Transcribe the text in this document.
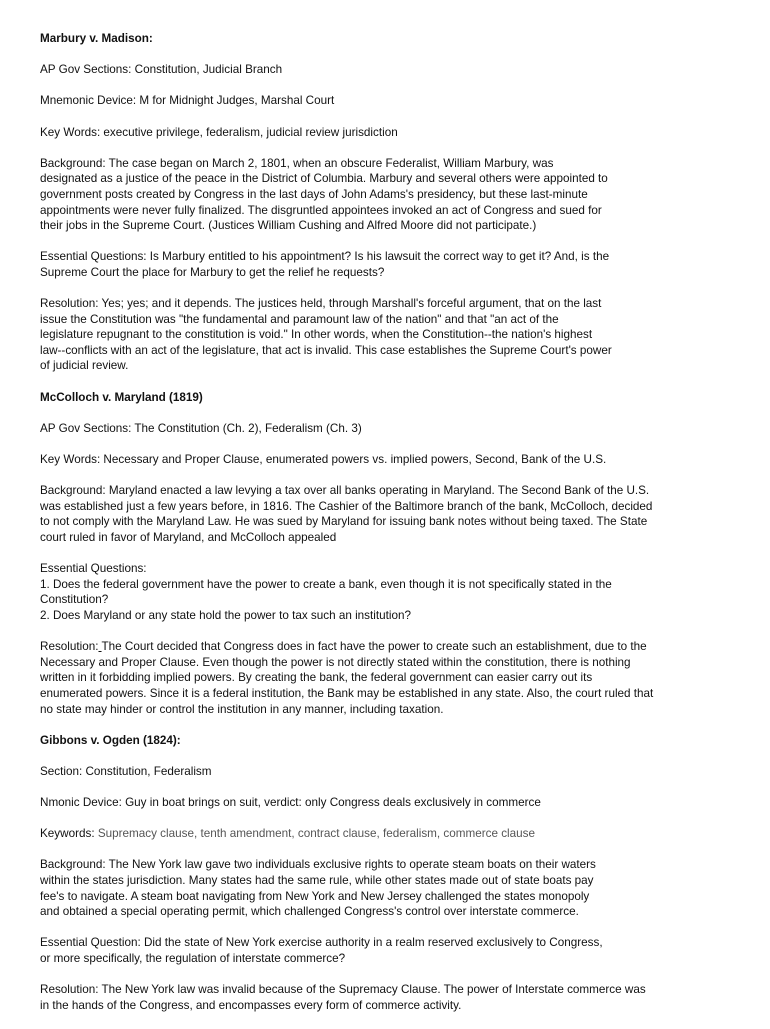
Marbury v. Madison:
AP Gov Sections: Constitution, Judicial Branch
Mnemonic Device: M for Midnight Judges, Marshal Court
Key Words: executive privilege, federalism, judicial review jurisdiction
Background: The case began on March 2, 1801, when an obscure Federalist, William Marbury, was
designated as a justice of the peace in the District of Columbia. Marbury and several others were appointed to
government posts created by Congress in the last days of John Adams's presidency, but these last-minute
appointments were never fully finalized. The disgruntled appointees invoked an act of Congress and sued for
their jobs in the Supreme Court. (Justices William Cushing and Alfred Moore did not participate.)
Essential Questions: Is Marbury entitled to his appointment? Is his lawsuit the correct way to get it? And, is the
Supreme Court the place for Marbury to get the relief he requests?
Resolution: Yes; yes; and it depends. The justices held, through Marshall's forceful argument, that on the last
issue the Constitution was "the fundamental and paramount law of the nation" and that "an act of the
legislature repugnant to the constitution is void." In other words, when the Constitution--the nation's highest
law--conflicts with an act of the legislature, that act is invalid. This case establishes the Supreme Court's power
of judicial review.
McColloch v. Maryland (1819)
AP Gov Sections: The Constitution (Ch. 2), Federalism (Ch. 3)
Key Words: Necessary and Proper Clause, enumerated powers vs. implied powers, Second, Bank of the U.S.
Background: Maryland enacted a law levying a tax over all banks operating in Maryland. The Second Bank of the U.S.
was established just a few years before, in 1816. The Cashier of the Baltimore branch of the bank, McColloch, decided
to not comply with the Maryland Law. He was sued by Maryland for issuing bank notes without being taxed. The State
court ruled in favor of Maryland, and McColloch appealed
Essential Questions:
1. Does the federal government have the power to create a bank, even though it is not specifically stated in the
Constitution?
2. Does Maryland or any state hold the power to tax such an institution?
Resolution: The Court decided that Congress does in fact have the power to create such an establishment, due to the
Necessary and Proper Clause. Even though the power is not directly stated within the constitution, there is nothing
written in it forbidding implied powers. By creating the bank, the federal government can easier carry out its
enumerated powers. Since it is a federal institution, the Bank may be established in any state. Also, the court ruled that
no state may hinder or control the institution in any manner, including taxation.
Gibbons v. Ogden (1824):
Section: Constitution, Federalism
Nmonic Device: Guy in boat brings on suit, verdict: only Congress deals exclusively in commerce
Keywords: Supremacy clause, tenth amendment, contract clause, federalism, commerce clause
Background: The New York law gave two individuals exclusive rights to operate steam boats on their waters
within the states jurisdiction. Many states had the same rule, while other states made out of state boats pay
fee's to navigate. A steam boat navigating from New York and New Jersey challenged the states monopoly
and obtained a special operating permit, which challenged Congress's control over interstate commerce.
Essential Question: Did the state of New York exercise authority in a realm reserved exclusively to Congress,
or more specifically, the regulation of interstate commerce?
Resolution: The New York law was invalid because of the Supremacy Clause. The power of Interstate commerce was
in the hands of the Congress, and encompasses every form of commerce activity.
